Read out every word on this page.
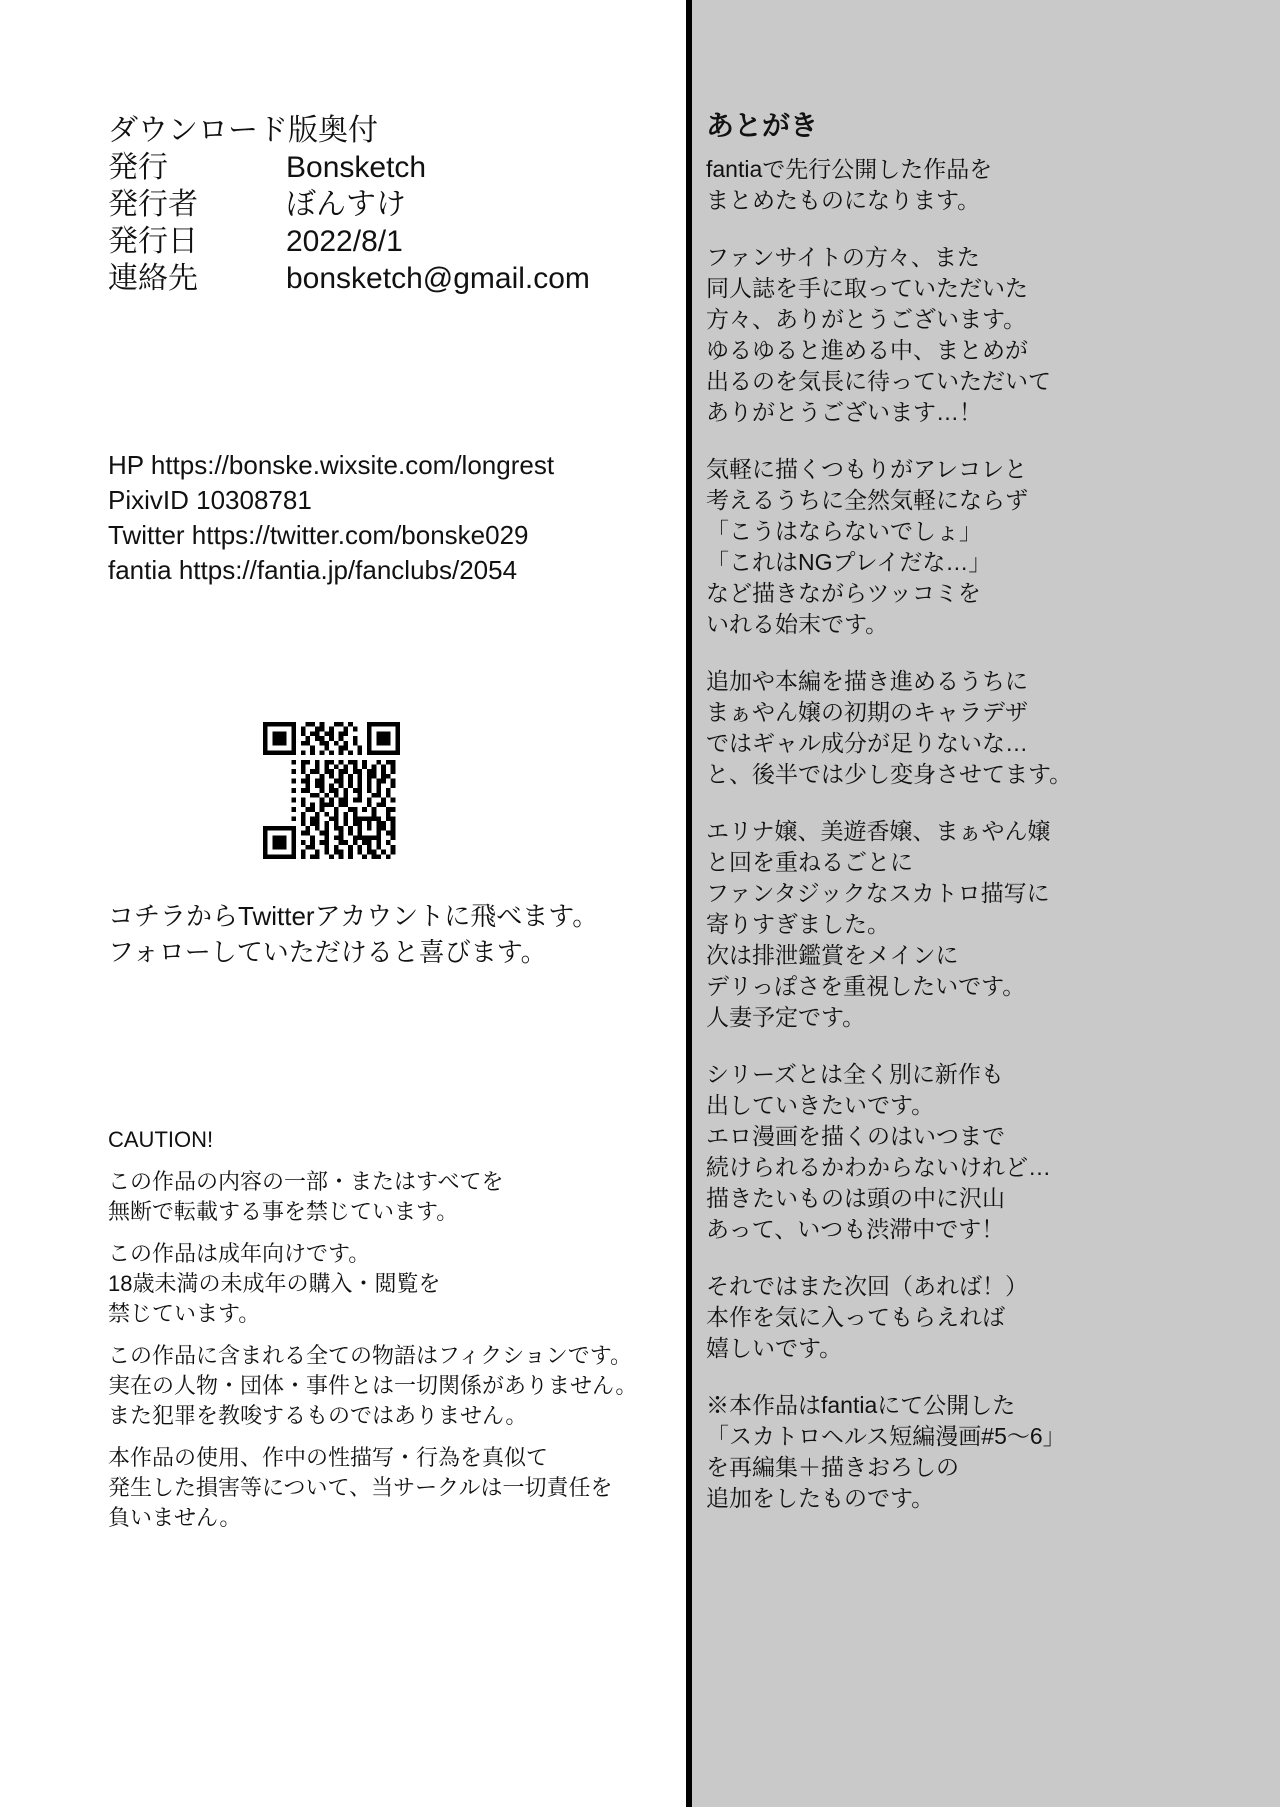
ダウンロード版奥付
発行	Bonsketch
発行者	ぼんすけ
発行日	2022/8/1
連絡先	bonsketch@gmail.com
HP https://bonske.wixsite.com/longrest
PixivID 10308781
Twitter https://twitter.com/bonske029
fantia https://fantia.jp/fanclubs/2054
コチラからTwitterアカウントに飛べます。
フォローしていただけると喜びます。

CAUTION!

この作品の内容の一部・またはすべてを
無断で転載する事を禁じています。

この作品は成年向けです。
18歳未満の未成年の購入・閲覧を
禁じています。

この作品に含まれる全ての物語はフィクションです。
実在の人物・団体・事件とは一切関係がありません。
また犯罪を教唆するものではありません。

本作品の使用、作中の性描写・行為を真似て
発生した損害等について、当サークルは一切責任を
負いません。

あとがき

fantiaで先行公開した作品を
まとめたものになります。

ファンサイトの方々、また
同人誌を手に取っていただいた
方々、ありがとうございます。
ゆるゆると進める中、まとめが
出るのを気長に待っていただいて
ありがとうございます…！

気軽に描くつもりがアレコレと
考えるうちに全然気軽にならず
「こうはならないでしょ」
「これはNGプレイだな…」
など描きながらツッコミを
いれる始末です。

追加や本編を描き進めるうちに
まぁやん嬢の初期のキャラデザ
ではギャル成分が足りないな…
と、後半では少し変身させてます。

エリナ嬢、美遊香嬢、まぁやん嬢
と回を重ねるごとに
ファンタジックなスカトロ描写に
寄りすぎました。
次は排泄鑑賞をメインに
デリっぽさを重視したいです。
人妻予定です。

シリーズとは全く別に新作も
出していきたいです。
エロ漫画を描くのはいつまで
続けられるかわからないけれど…
描きたいものは頭の中に沢山
あって、いつも渋滞中です！

それではまた次回（あれば！）
本作を気に入ってもらえれば
嬉しいです。

※本作品はfantiaにて公開した
「スカトロヘルス短編漫画#5〜6」
を再編集＋描きおろしの
追加をしたものです。
